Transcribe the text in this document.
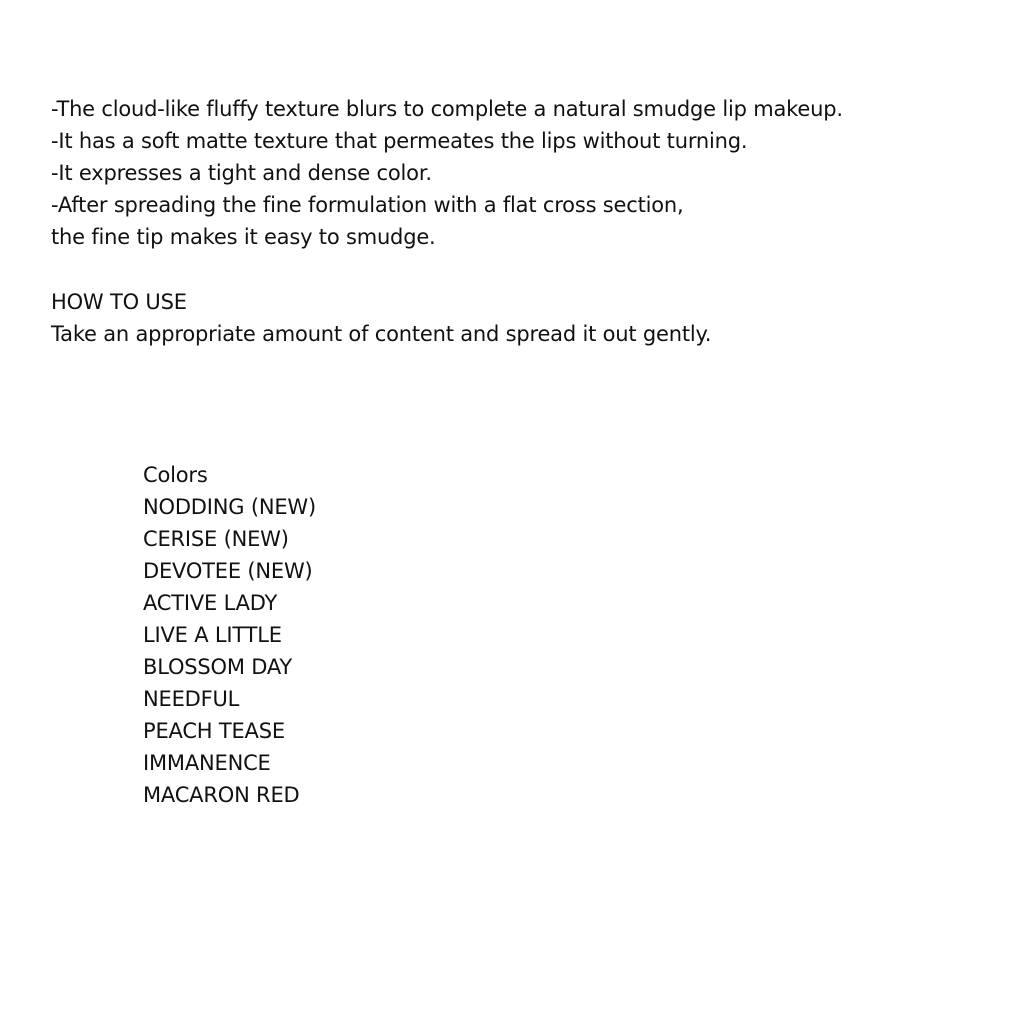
-The cloud-like fluffy texture blurs to complete a natural smudge lip makeup.
-It has a soft matte texture that permeates the lips without turning.
-It expresses a tight and dense color.
-After spreading the fine formulation with a flat cross section,
the fine tip makes it easy to smudge.
HOW TO USE
Take an appropriate amount of content and spread it out gently.
Colors
NODDING (NEW)
CERISE (NEW)
DEVOTEE (NEW)
ACTIVE LADY
LIVE A LITTLE
BLOSSOM DAY
NEEDFUL
PEACH TEASE
IMMANENCE
MACARON RED
